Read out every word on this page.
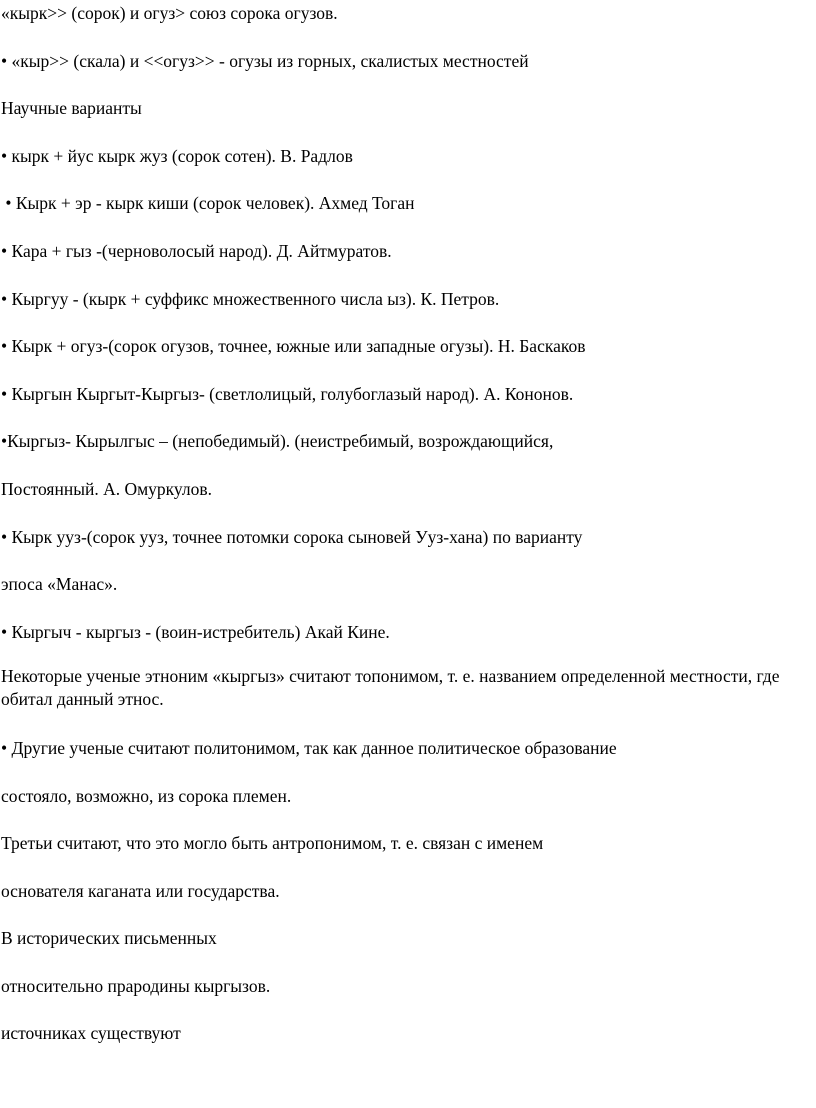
«кырк>> (сорок) и огуз> союз сорока огузов.

• «кыр>> (скала) и <<огуз>> - огузы из горных, скалистых местностей

Научные варианты

• кырк + йус кырк жуз (сорок сотен). В. Радлов

• Кырк + эр - кырк киши (сорок человек). Ахмед Тоган

• Кара + гыз -(черноволосый народ). Д. Айтмуратов.

• Кыргуу - (кырк + суффикс множественного числа ыз). К. Петров.

• Кырк + огуз-(сорок огузов, точнее, южные или западные огузы). Н. Баскаков

• Кыргын Кыргыт-Кыргыз- (светлолицый, голубоглазый народ). А. Кононов.

•Кыргыз- Кырылгыс – (непобедимый). (неистребимый, возрождающийся,

Постоянный. А. Омуркулов.

• Кырк ууз-(сорок ууз, точнее потомки сорока сыновей Ууз-хана) по варианту

эпоса «Манас».

• Кыргыч - кыргыз - (воин-истребитель) Акай Кине.

Некоторые ученые этноним «кыргыз» считают топонимом, т. е. названием определенной местности, где обитал данный этнос.

• Другие ученые считают политонимом, так как данное политическое образование

состояло, возможно, из сорока племен.

Третьи считают, что это могло быть антропонимом, т. е. связан с именем

основателя каганата или государства.

В исторических письменных

относительно прародины кыргызов.

источниках существуют
